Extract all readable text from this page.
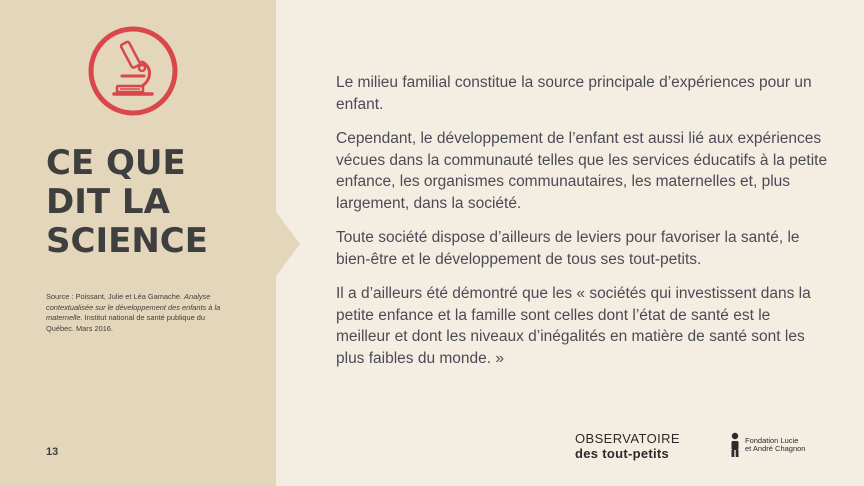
CE QUE
DIT LA
SCIENCE
Source : Poissant, Julie et Léa Gamache. Analyse contextualisée sur le développement des enfants à la maternelle. Institut national de santé publique du Québec. Mars 2016.
13

Le milieu familial constitue la source principale d’expériences pour un enfant.

Cependant, le développement de l’enfant est aussi lié aux expériences vécues dans la communauté telles que les services éducatifs à la petite enfance, les organismes communautaires, les maternelles et, plus largement, dans la société.

Toute société dispose d’ailleurs de leviers pour favoriser la santé, le bien-être et le développement de tous ses tout-petits.

Il a d’ailleurs été démontré que les « sociétés qui investissent dans la petite enfance et la famille sont celles dont l’état de santé est le meilleur et dont les niveaux d’inégalités en matière de santé sont les plus faibles du monde. »

OBSERVATOIRE
des tout-petits
Fondation Lucie
et André Chagnon
